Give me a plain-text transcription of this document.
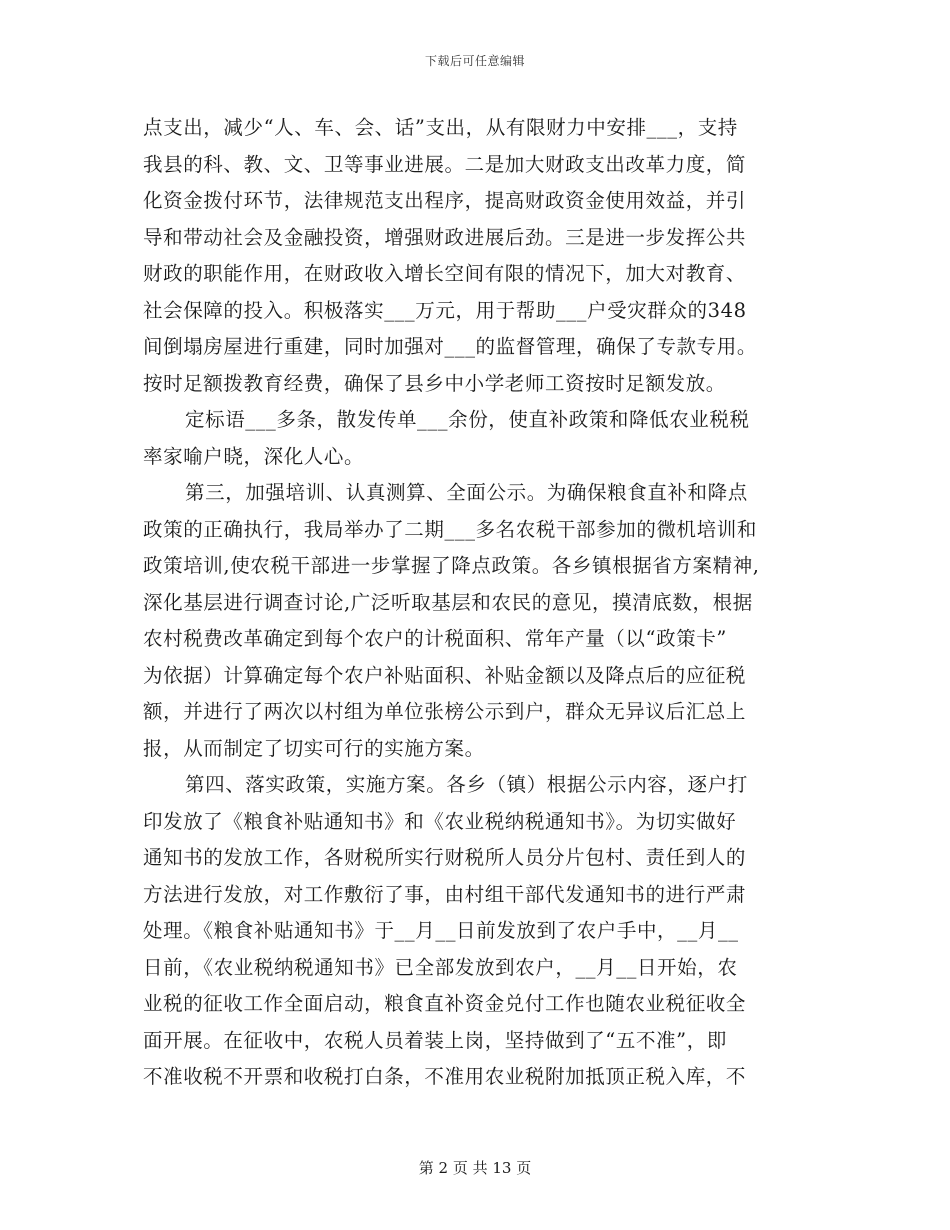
下载后可任意编辑
点支出，减少“人、车、会、话”支出，从有限财力中安排___，支持
我县的科、教、文、卫等事业进展。二是加大财政支出改革力度，简
化资金拨付环节，法律规范支出程序，提高财政资金使用效益，并引
导和带动社会及金融投资，增强财政进展后劲。三是进一步发挥公共
财政的职能作用，在财政收入增长空间有限的情况下，加大对教育、
社会保障的投入。积极落实___万元，用于帮助___户受灾群众的348
间倒塌房屋进行重建，同时加强对___的监督管理，确保了专款专用。
按时足额拨教育经费，确保了县乡中小学老师工资按时足额发放。
定标语___多条，散发传单___余份，使直补政策和降低农业税税
率家喻户晓，深化人心。
第三，加强培训、认真测算、全面公示。为确保粮食直补和降点
政策的正确执行，我局举办了二期___多名农税干部参加的微机培训和
政策培训,使农税干部进一步掌握了降点政策。各乡镇根据省方案精神,
深化基层进行调查讨论,广泛听取基层和农民的意见，摸清底数，根据
农村税费改革确定到每个农户的计税面积、常年产量（以“政策卡”
为依据）计算确定每个农户补贴面积、补贴金额以及降点后的应征税
额，并进行了两次以村组为单位张榜公示到户，群众无异议后汇总上
报，从而制定了切实可行的实施方案。
第四、落实政策，实施方案。各乡（镇）根据公示内容，逐户打
印发放了《粮食补贴通知书》和《农业税纳税通知书》。为切实做好
通知书的发放工作，各财税所实行财税所人员分片包村、责任到人的
方法进行发放，对工作敷衍了事，由村组干部代发通知书的进行严肃
处理。《粮食补贴通知书》于__月__日前发放到了农户手中，__月__
日前，《农业税纳税通知书》已全部发放到农户，__月__日开始，农
业税的征收工作全面启动，粮食直补资金兑付工作也随农业税征收全
面开展。在征收中，农税人员着装上岗，坚持做到了“五不准”，即
不准收税不开票和收税打白条，不准用农业税附加抵顶正税入库，不
第 2 页 共 13 页
